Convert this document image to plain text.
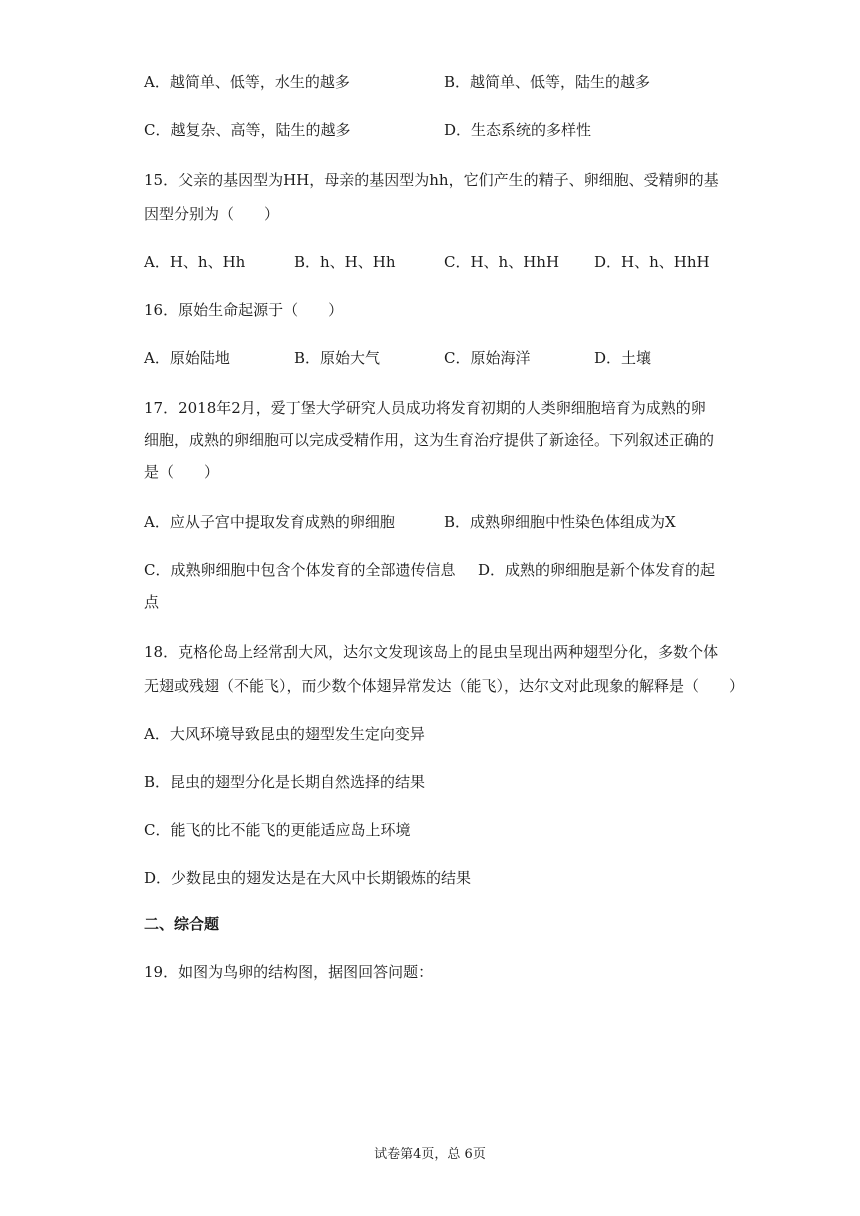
A．越简单、低等，水生的越多	B．越简单、低等，陆生的越多
C．越复杂、高等，陆生的越多	D．生态系统的多样性
15．父亲的基因型为HH，母亲的基因型为hh，它们产生的精子、卵细胞、受精卵的基
因型分别为（　　）
A．H、h、Hh	B．h、H、Hh	C．H、h、HhH D．H、h、HhH
16．原始生命起源于（　　）
A．原始陆地	B．原始大气	C．原始海洋	D．土壤
17．2018年2月，爱丁堡大学研究人员成功将发育初期的人类卵细胞培育为成熟的卵
细胞，成熟的卵细胞可以完成受精作用，这为生育治疗提供了新途径。下列叙述正确的
是（　　）
A．应从子宫中提取发育成熟的卵细胞	B．成熟卵细胞中性染色体组成为X
C．成熟卵细胞中包含个体发育的全部遗传信息 D．成熟的卵细胞是新个体发育的起
点
18．克格伦岛上经常刮大风，达尔文发现该岛上的昆虫呈现出两种翅型分化，多数个体
无翅或残翅（不能飞），而少数个体翅异常发达（能飞），达尔文对此现象的解释是（　　）
A．大风环境导致昆虫的翅型发生定向变异
B．昆虫的翅型分化是长期自然选择的结果
C．能飞的比不能飞的更能适应岛上环境
D．少数昆虫的翅发达是在大风中长期锻炼的结果
二、综合题
19．如图为鸟卵的结构图，据图回答问题：
试卷第4页，总 6页
